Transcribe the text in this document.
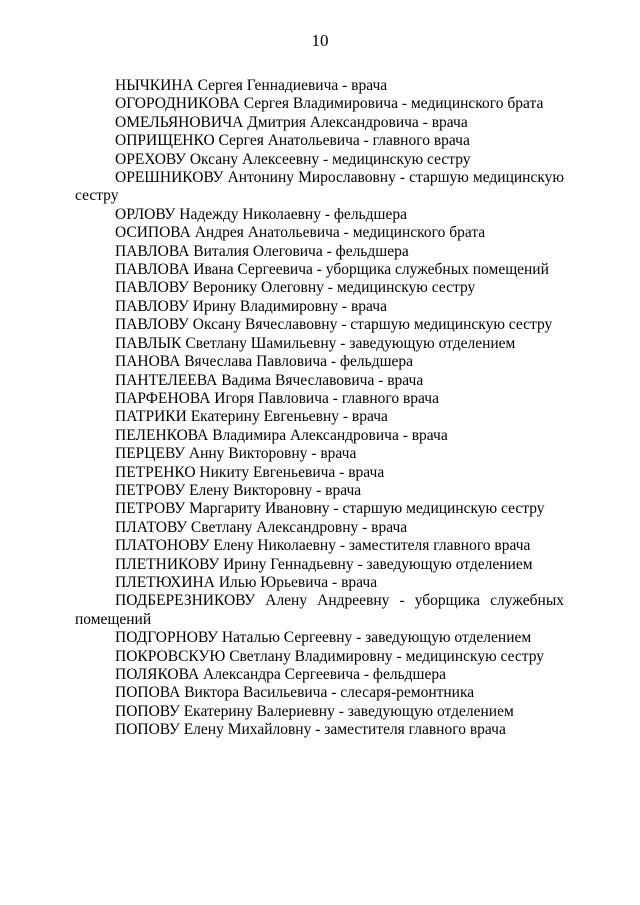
10
НЫЧКИНА Сергея Геннадиевича - врача
ОГОРОДНИКОВА Сергея Владимировича - медицинского брата
ОМЕЛЬЯНОВИЧА Дмитрия Александровича - врача
ОПРИЩЕНКО Сергея Анатольевича - главного врача
ОРЕХОВУ Оксану Алексеевну - медицинскую сестру
ОРЕШНИКОВУ Антонину Мирославовну - старшую медицинскую сестру
ОРЛОВУ Надежду Николаевну - фельдшера
ОСИПОВА Андрея Анатольевича - медицинского брата
ПАВЛОВА Виталия Олеговича - фельдшера
ПАВЛОВА Ивана Сергеевича - уборщика служебных помещений
ПАВЛОВУ Веронику Олеговну - медицинскую сестру
ПАВЛОВУ Ирину Владимировну - врача
ПАВЛОВУ Оксану Вячеславовну - старшую медицинскую сестру
ПАВЛЫК Светлану Шамильевну - заведующую отделением
ПАНОВА Вячеслава Павловича - фельдшера
ПАНТЕЛЕЕВА Вадима Вячеславовича - врача
ПАРФЕНОВА Игоря Павловича - главного врача
ПАТРИКИ Екатерину Евгеньевну - врача
ПЕЛЕНКОВА Владимира Александровича - врача
ПЕРЦЕВУ Анну Викторовну - врача
ПЕТРЕНКО Никиту Евгеньевича - врача
ПЕТРОВУ Елену Викторовну - врача
ПЕТРОВУ Маргариту Ивановну - старшую медицинскую сестру
ПЛАТОВУ Светлану Александровну - врача
ПЛАТОНОВУ Елену Николаевну - заместителя главного врача
ПЛЕТНИКОВУ Ирину Геннадьевну - заведующую отделением
ПЛЕТЮХИНА Илью Юрьевича - врача
ПОДБЕРЕЗНИКОВУ Алену Андреевну - уборщика служебных помещений
ПОДГОРНОВУ Наталью Сергеевну - заведующую отделением
ПОКРОВСКУЮ Светлану Владимировну - медицинскую сестру
ПОЛЯКОВА Александра Сергеевича - фельдшера
ПОПОВА Виктора Васильевича - слесаря-ремонтника
ПОПОВУ Екатерину Валериевну - заведующую отделением
ПОПОВУ Елену Михайловну - заместителя главного врача
